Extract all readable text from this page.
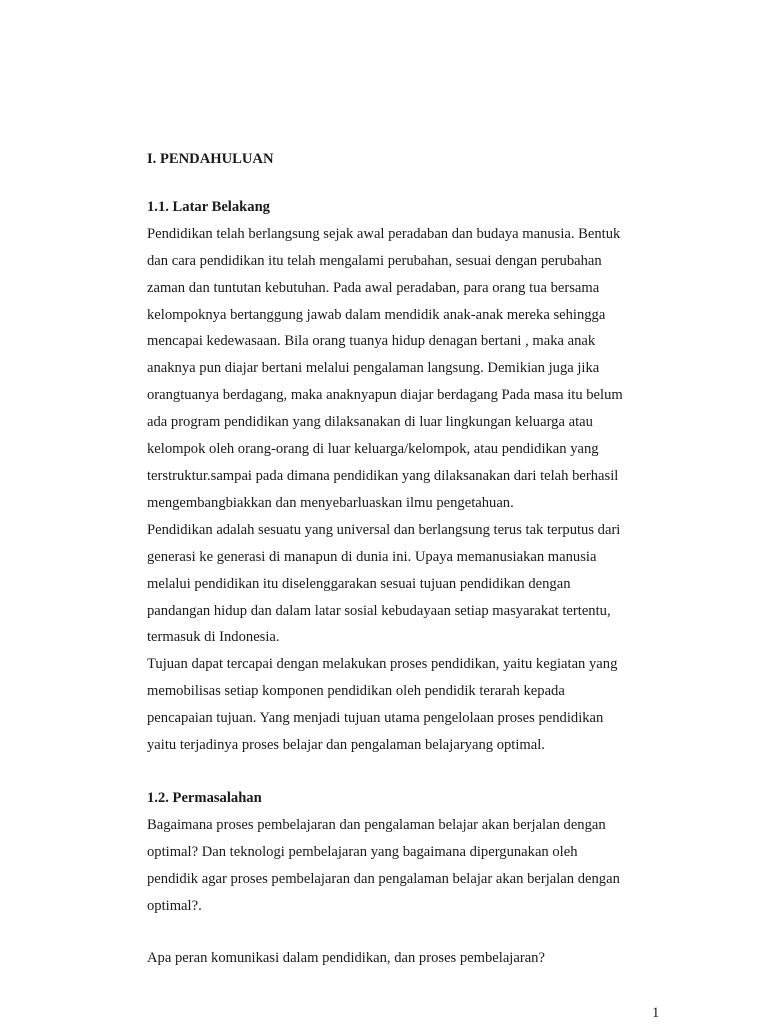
I. PENDAHULUAN
1.1. Latar Belakang
Pendidikan telah berlangsung sejak awal peradaban dan budaya manusia. Bentuk
dan cara pendidikan itu telah mengalami perubahan, sesuai dengan perubahan
zaman dan tuntutan kebutuhan. Pada awal peradaban, para orang tua bersama
kelompoknya bertanggung jawab dalam mendidik anak-anak mereka sehingga
mencapai kedewasaan. Bila orang tuanya hidup denagan bertani , maka anak
anaknya pun diajar bertani melalui pengalaman langsung. Demikian juga jika
orangtuanya berdagang, maka anaknyapun diajar berdagang Pada masa itu belum
ada program pendidikan yang dilaksanakan di luar lingkungan keluarga atau
kelompok oleh orang-orang di luar keluarga/kelompok, atau pendidikan yang
terstruktur.sampai pada dimana pendidikan yang dilaksanakan dari telah berhasil
mengembangbiakkan dan menyebarluaskan ilmu pengetahuan.
Pendidikan adalah sesuatu yang universal dan berlangsung terus tak terputus dari
generasi ke generasi di manapun di dunia ini. Upaya memanusiakan manusia
melalui pendidikan itu diselenggarakan sesuai tujuan pendidikan dengan
pandangan hidup dan dalam latar sosial kebudayaan setiap masyarakat tertentu,
termasuk di Indonesia.
Tujuan dapat tercapai dengan melakukan proses pendidikan, yaitu kegiatan yang
memobilisas setiap komponen pendidikan oleh pendidik terarah kepada
pencapaian tujuan. Yang menjadi tujuan utama pengelolaan proses pendidikan
yaitu terjadinya proses belajar dan pengalaman belajaryang optimal.
1.2. Permasalahan
Bagaimana proses pembelajaran dan pengalaman belajar akan berjalan dengan
optimal? Dan teknologi pembelajaran yang bagaimana dipergunakan oleh
pendidik agar proses pembelajaran dan pengalaman belajar akan berjalan dengan
optimal?.
Apa peran komunikasi dalam pendidikan, dan proses pembelajaran?
1
